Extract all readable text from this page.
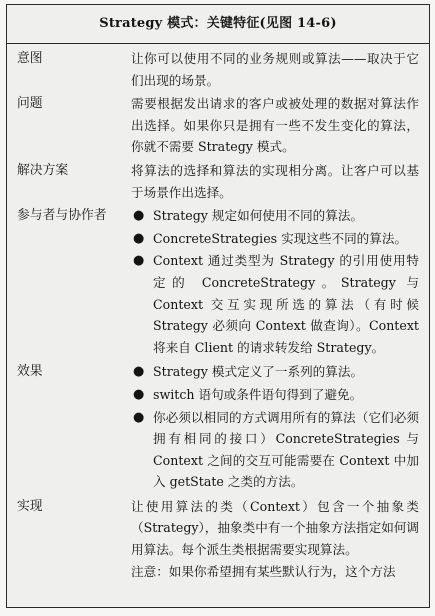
Strategy 模式：关键特征(见图 14-6)
意图	让你可以使用不同的业务规则或算法——取决于它们出现的场景。
问题	需要根据发出请求的客户或被处理的数据对算法作出选择。如果你只是拥有一些不发生变化的算法，你就不需要 Strategy 模式。
解决方案	将算法的选择和算法的实现相分离。让客户可以基于场景作出选择。
参与者与协作者	● Strategy 规定如何使用不同的算法。
● ConcreteStrategies 实现这些不同的算法。
● Context 通过类型为 Strategy 的引用使用特定的 ConcreteStrategy。Strategy 与 Context 交互实现所选的算法（有时候 Strategy 必须向 Context 做查询）。Context 将来自 Client 的请求转发给 Strategy。
效果	● Strategy 模式定义了一系列的算法。
● switch 语句或条件语句得到了避免。
● 你必须以相同的方式调用所有的算法（它们必须拥有相同的接口）ConcreteStrategies 与 Context 之间的交互可能需要在 Context 中加入 getState 之类的方法。
实现	让使用算法的类（Context）包含一个抽象类（Strategy），抽象类中有一个抽象方法指定如何调用算法。每个派生类根据需要实现算法。
注意：如果你希望拥有某些默认行为，这个方法
